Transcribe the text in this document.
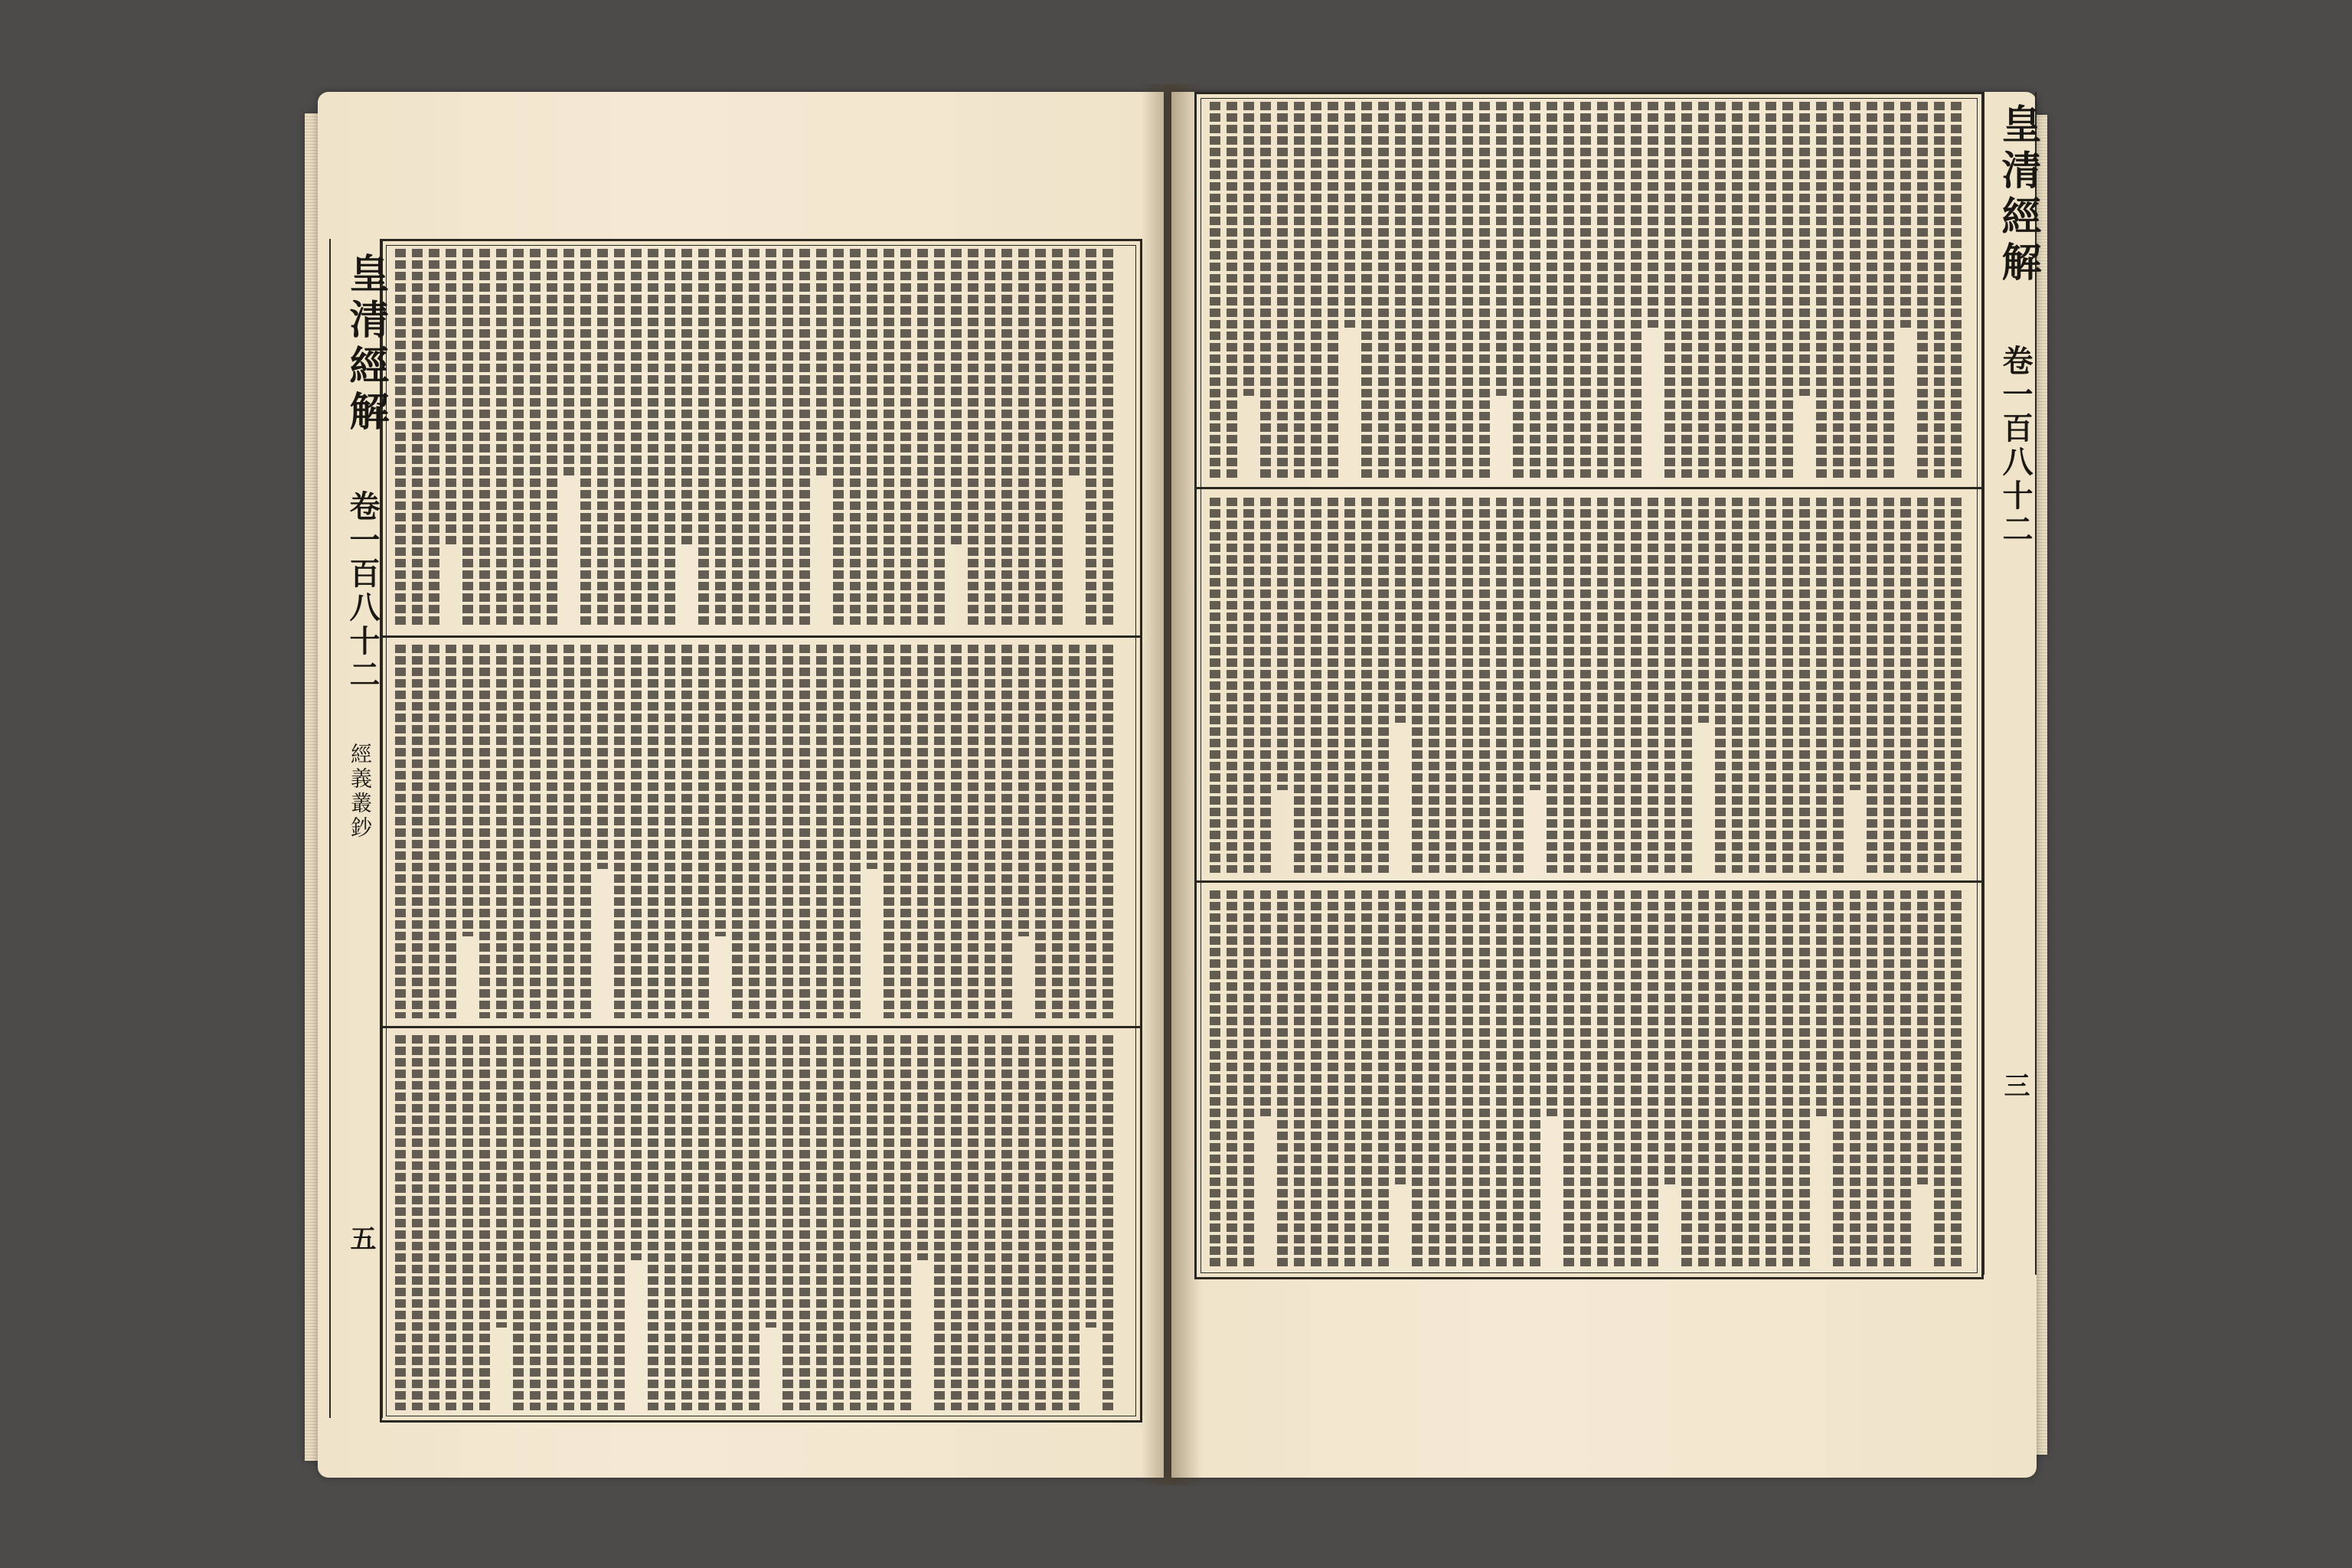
皇清經解
卷一百八十二
經義叢鈔
五
皇清經解
卷一百八十二
三
